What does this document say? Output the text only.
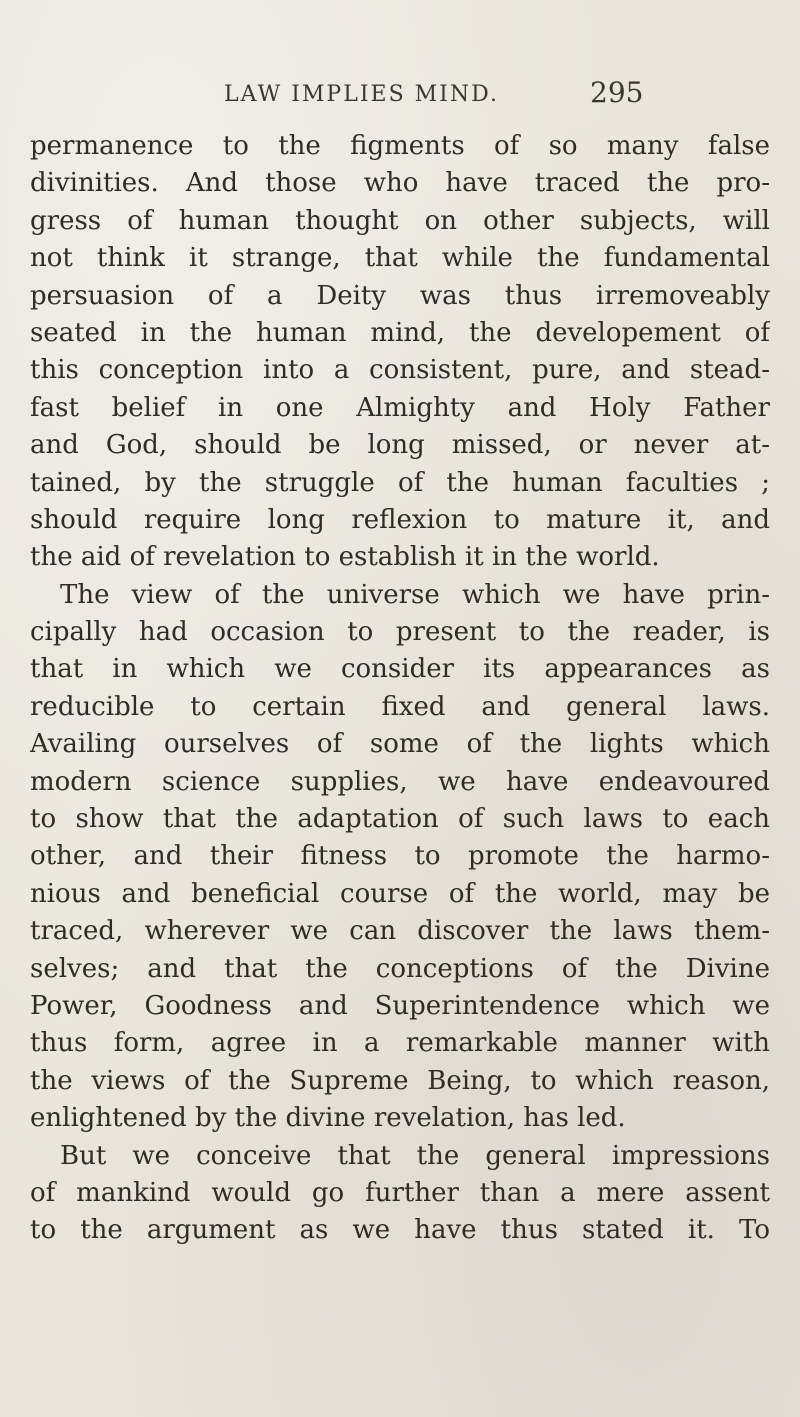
LAW IMPLIES MIND.	295
permanence to the figments of so many false
divinities. And those who have traced the pro-
gress of human thought on other subjects, will
not think it strange, that while the fundamental
persuasion of a Deity was thus irremoveably
seated in the human mind, the developement of
this conception into a consistent, pure, and stead-
fast belief in one Almighty and Holy Father
and God, should be long missed, or never at-
tained, by the struggle of the human faculties ;
should require long reflexion to mature it, and
the aid of revelation to establish it in the world.
The view of the universe which we have prin-
cipally had occasion to present to the reader, is
that in which we consider its appearances as
reducible to certain fixed and general laws.
Availing ourselves of some of the lights which
modern science supplies, we have endeavoured
to show that the adaptation of such laws to each
other, and their fitness to promote the harmo-
nious and beneficial course of the world, may be
traced, wherever we can discover the laws them-
selves; and that the conceptions of the Divine
Power, Goodness and Superintendence which we
thus form, agree in a remarkable manner with
the views of the Supreme Being, to which reason,
enlightened by the divine revelation, has led.
But we conceive that the general impressions
of mankind would go further than a mere assent
to the argument as we have thus stated it. To
